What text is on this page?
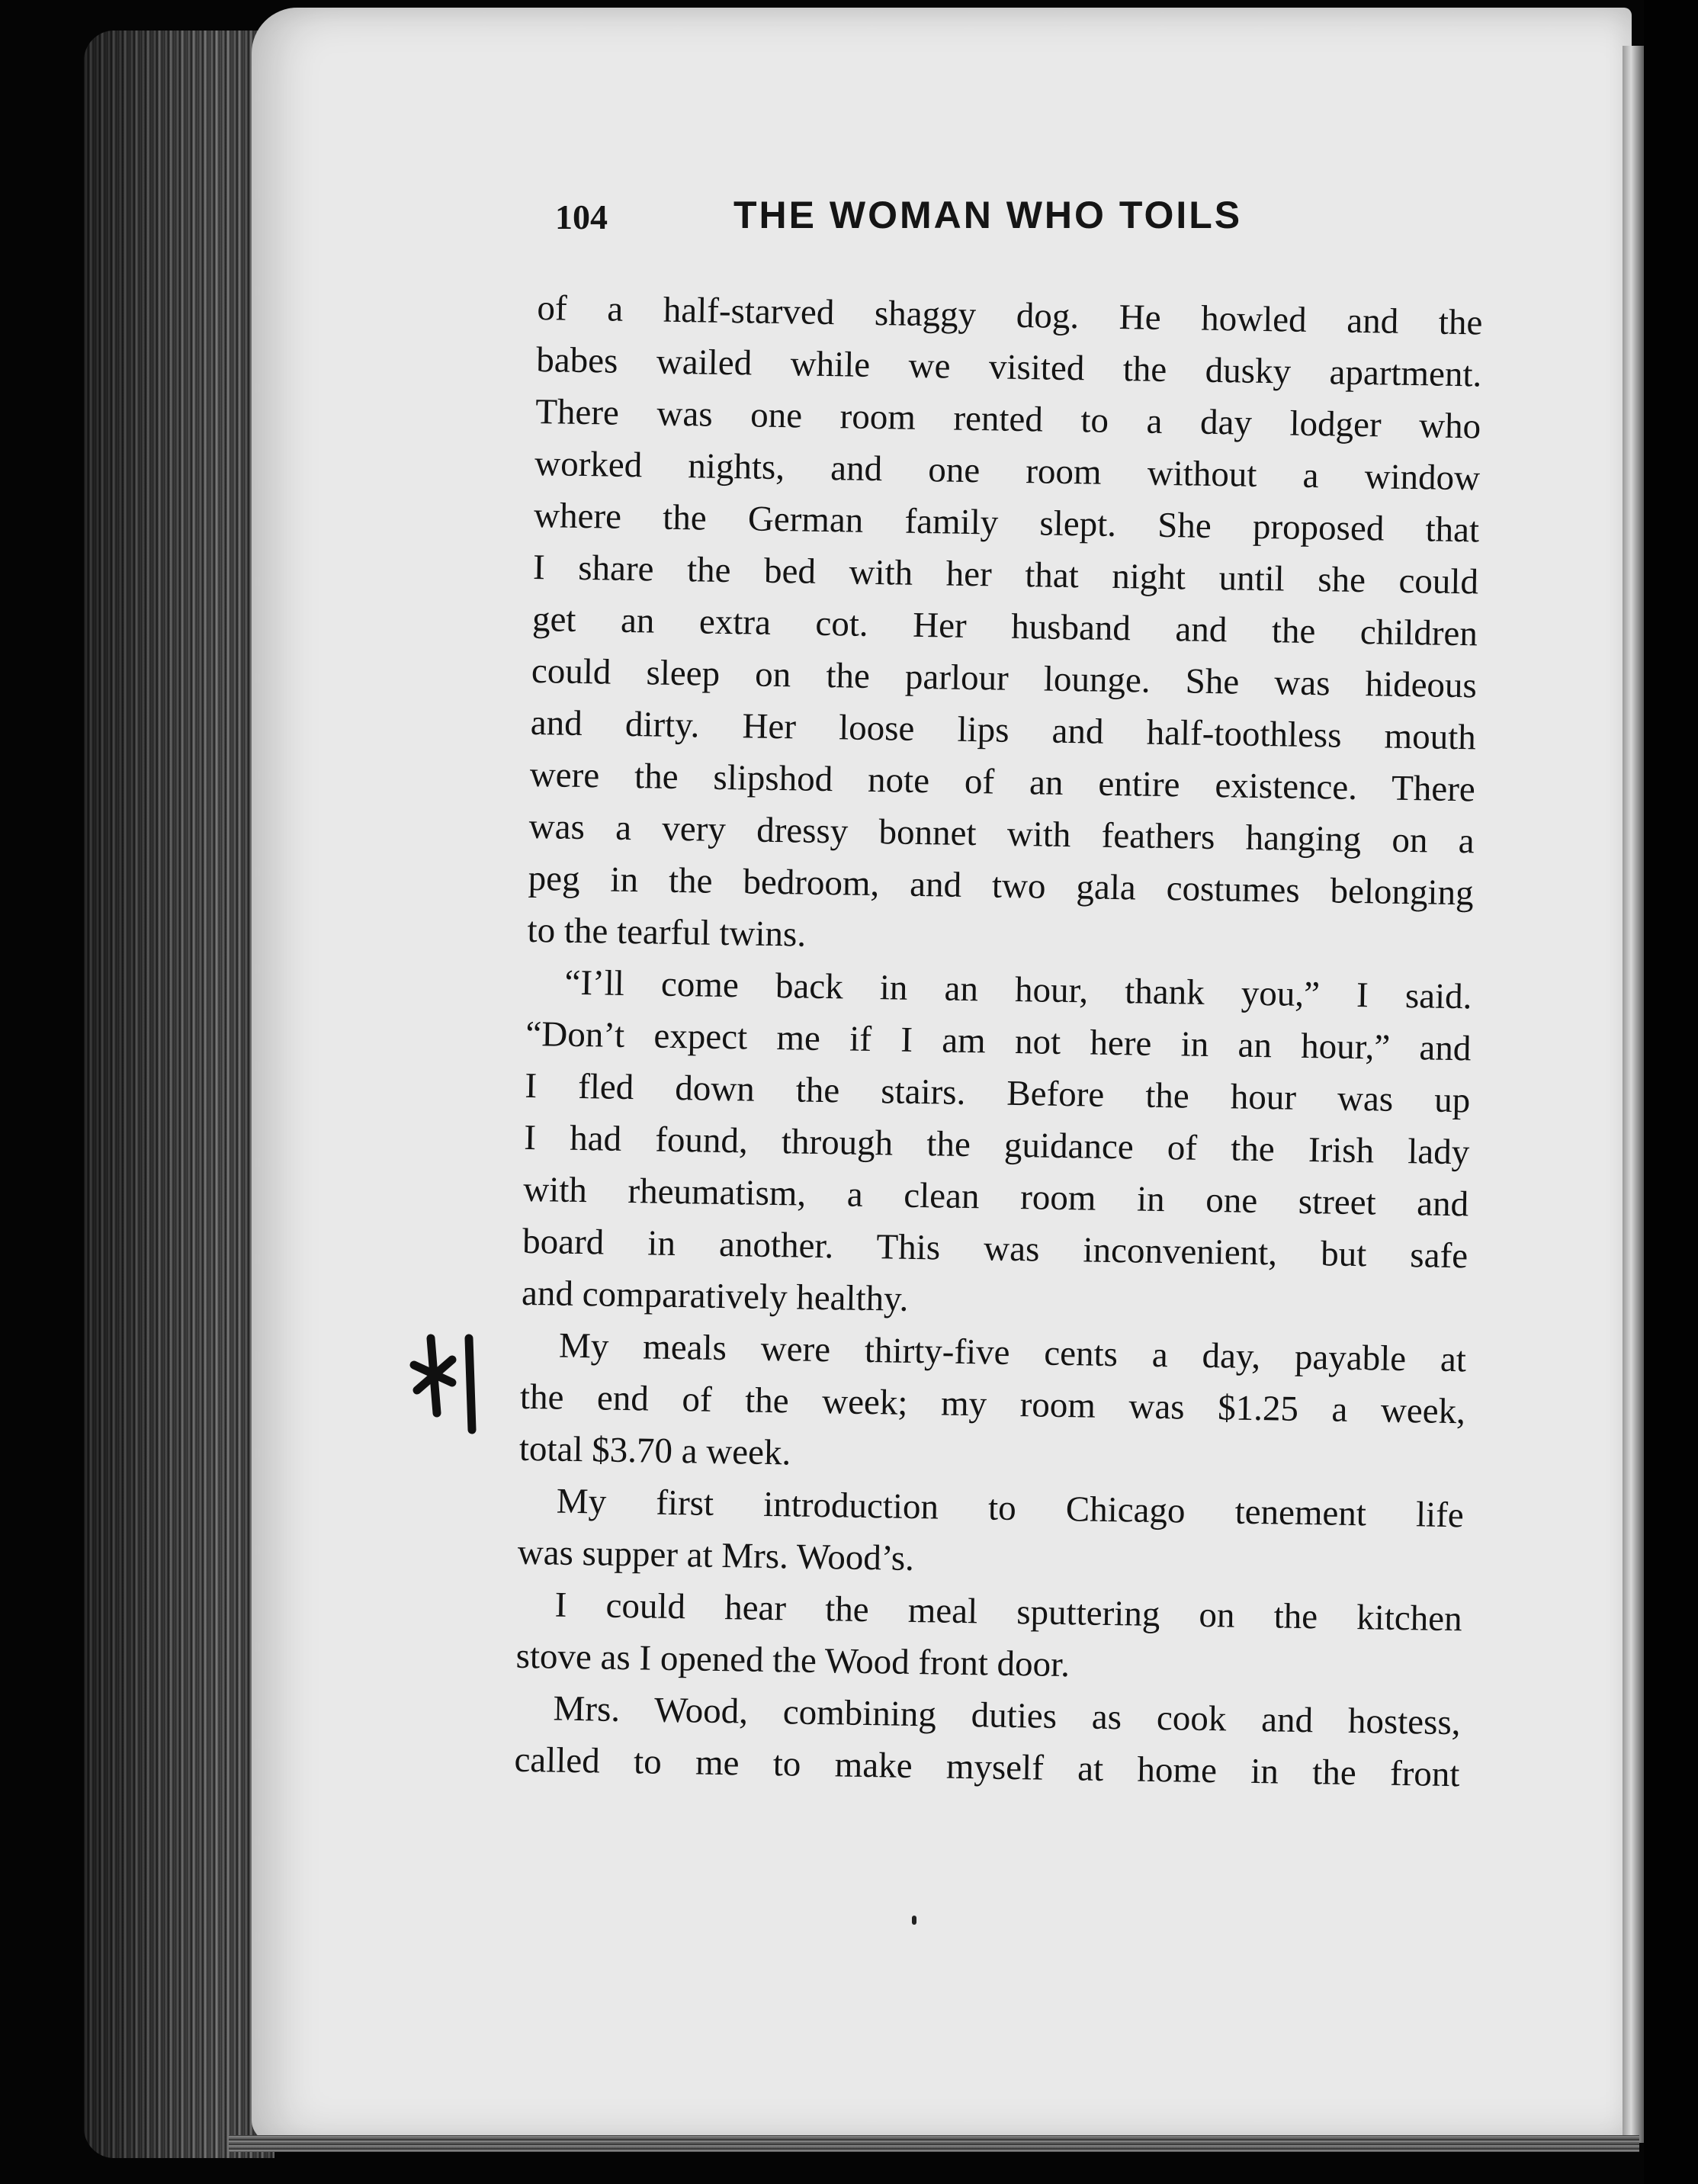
104	THE WOMAN WHO TOILS
of a half-starved shaggy dog. He howled and the
babes wailed while we visited the dusky apartment.
There was one room rented to a day lodger who
worked nights, and one room without a window
where the German family slept. She proposed that
I share the bed with her that night until she could
get an extra cot. Her husband and the children
could sleep on the parlour lounge. She was hideous
and dirty. Her loose lips and half-toothless mouth
were the slipshod note of an entire existence. There
was a very dressy bonnet with feathers hanging on a
peg in the bedroom, and two gala costumes belonging
to the tearful twins.
“I’ll come back in an hour, thank you,” I said.
“Don’t expect me if I am not here in an hour,” and
I fled down the stairs. Before the hour was up
I had found, through the guidance of the Irish lady
with rheumatism, a clean room in one street and
board in another. This was inconvenient, but safe
and comparatively healthy.
My meals were thirty-five cents a day, payable at
the end of the week; my room was $1.25 a week,
total $3.70 a week.
My first introduction to Chicago tenement life
was supper at Mrs. Wood’s.
I could hear the meal sputtering on the kitchen
stove as I opened the Wood front door.
Mrs. Wood, combining duties as cook and hostess,
called to me to make myself at home in the front
